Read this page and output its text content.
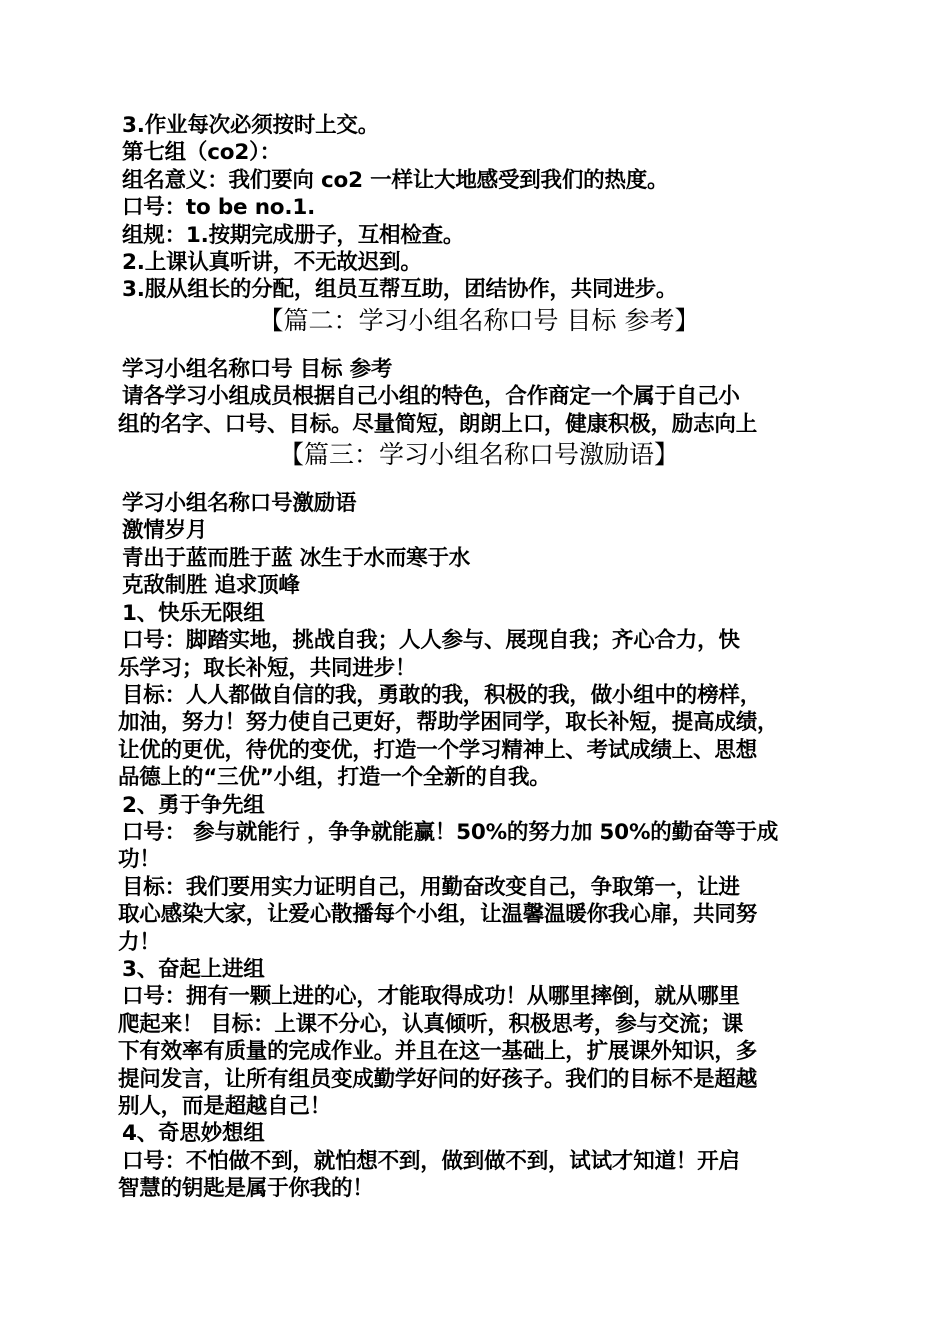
3.作业每次必须按时上交。
第七组（co2）：
组名意义：我们要向 co2 一样让大地感受到我们的热度。
口号：to be no.1.
组规：1.按期完成册子，互相检查。
2.上课认真听讲，不无故迟到。
3.服从组长的分配，组员互帮互助，团结协作，共同进步。
【篇二：学习小组名称口号 目标 参考】
学习小组名称口号 目标 参考
请各学习小组成员根据自己小组的特色，合作商定一个属于自己小
组的名字、口号、目标。尽量简短，朗朗上口，健康积极，励志向上
【篇三：学习小组名称口号激励语】
学习小组名称口号激励语
激情岁月
青出于蓝而胜于蓝 冰生于水而寒于水
克敌制胜 追求顶峰
1、快乐无限组
口号：脚踏实地，挑战自我；人人参与、展现自我；齐心合力，快
乐学习；取长补短，共同进步！
目标：人人都做自信的我，勇敢的我，积极的我，做小组中的榜样，
加油，努力！努力使自己更好，帮助学困同学，取长补短，提高成绩，
让优的更优，待优的变优，打造一个学习精神上、考试成绩上、思想
品德上的“三优”小组，打造一个全新的自我。
2、勇于争先组
口号： 参与就能行 ，争争就能赢！50%的努力加 50%的勤奋等于成
功！
目标：我们要用实力证明自己，用勤奋改变自己，争取第一，让进
取心感染大家，让爱心散播每个小组，让温馨温暖你我心扉，共同努
力！
3、奋起上进组
口号：拥有一颗上进的心，才能取得成功！从哪里摔倒，就从哪里
爬起来！ 目标：上课不分心，认真倾听，积极思考，参与交流；课
下有效率有质量的完成作业。并且在这一基础上，扩展课外知识，多
提问发言，让所有组员变成勤学好问的好孩子。我们的目标不是超越
别人，而是超越自己！
4、奇思妙想组
口号：不怕做不到，就怕想不到，做到做不到，试试才知道！开启
智慧的钥匙是属于你我的！
